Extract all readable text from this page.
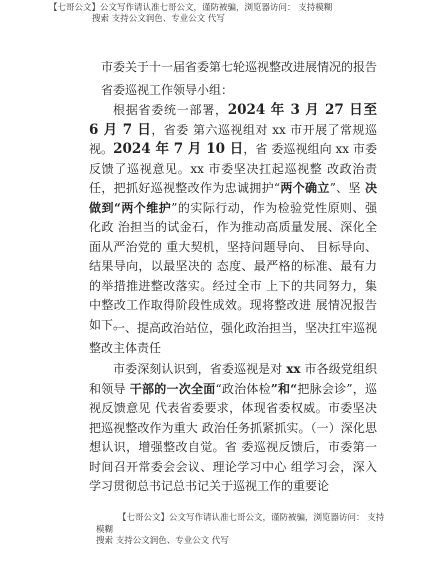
【七哥公文】公文写作请认准七哥公文，谨防被骗，浏览器访问： 支持模糊
搜索 支持公文润色、专业公文 代写
市委关于十一届省委第七轮巡视整改进展情况的报告
省委巡视工作领导小组：

根据省委统一部署，2024 年 3 月 27 日至 6 月 7 日，省委 第六巡视组对 xx 市开展了常规巡视。2024 年 7 月 10 日，省 委巡视组向 xx 市委反馈了巡视意见。xx 市委坚决扛起巡视整 改政治责任，把抓好巡视整改作为忠诚拥护“两个确立”、坚 决做到“两个维护”的实际行动，作为检验党性原则、强化政 治担当的试金石，作为推动高质量发展、深化全面从严治党的 重大契机，坚持问题导向、 目标导向、结果导向，以最坚决的 态度、最严格的标准、最有力的举措推进整改落实。经过全市 上下的共同努力，集中整改工作取得阶段性成效。现将整改进 展情况报告如下。

一、提高政治站位，强化政治担当，坚决扛牢巡视整改主体责任

市委深刻认识到，省委巡视是对 xx 市各级党组织和领导 干部的一次全面“政治体检”和“把脉会诊”，巡视反馈意见 代表省委要求，体现省委权威。市委坚决把巡视整改作为重大 政治任务抓紧抓实。（一）深化思想认识，增强整改自觉。省 委巡视反馈后，市委第一时间召开常委会会议、理论学习中心 组学习会，深入学习贯彻总书记总书记关于巡视工作的重要论

【七哥公文】公文写作请认准七哥公文，谨防被骗，浏览器访问： 支持
模糊
搜索 支持公文润色、专业公文 代写
